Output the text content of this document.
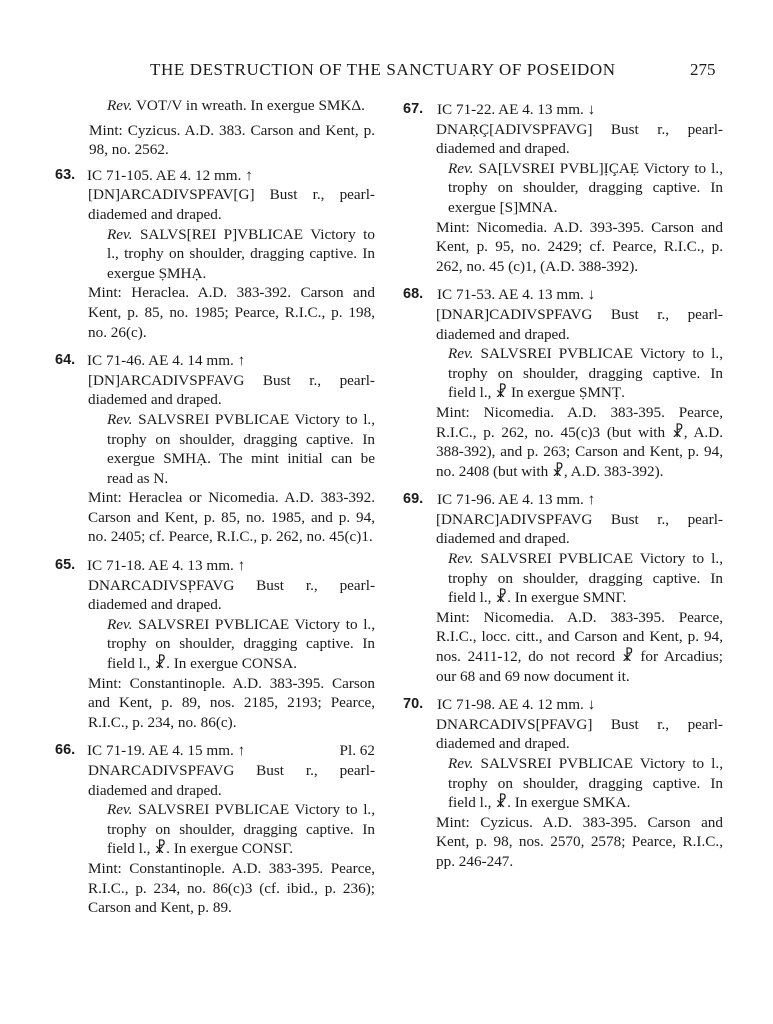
THE DESTRUCTION OF THE SANCTUARY OF POSEIDON	275
Rev. VOT/V in wreath. In exergue SMKΔ.
Mint: Cyzicus. A.D. 383. Carson and Kent, p. 98, no. 2562.
63. IC 71-105. AE 4. 12 mm. ↑
[DN]ARCADIVSPFAV[G] Bust r., pearl-diademed and draped.
Rev. SALVS[REI P]VBLICAE Victory to l., trophy on shoulder, dragging captive. In exergue ṢMHẠ.
Mint: Heraclea. A.D. 383-392. Carson and Kent, p. 85, no. 1985; Pearce, R.I.C., p. 198, no. 26(c).
64. IC 71-46. AE 4. 14 mm. ↑
[DN]ARCADIVSPFAVG Bust r., pearl-diademed and draped.
Rev. SALVSREI PVBLICAE Victory to l., trophy on shoulder, dragging captive. In exergue SMHẠ. The mint initial can be read as N.
Mint: Heraclea or Nicomedia. A.D. 383-392. Carson and Kent, p. 85, no. 1985, and p. 94, no. 2405; cf. Pearce, R.I.C., p. 262, no. 45(c)1.
65. IC 71-18. AE 4. 13 mm. ↑
DNARCADIVSP̣FAVG Bust r., pearl-diademed and draped.
Rev. SALVSREI PVBLICAE Victory to l., trophy on shoulder, dragging captive. In field l., ☧. In exergue CONSA.
Mint: Constantinople. A.D. 383-395. Carson and Kent, p. 89, nos. 2185, 2193; Pearce, R.I.C., p. 234, no. 86(c).
66. IC 71-19. AE 4. 15 mm. ↑	Pl. 62
DNARCADIVSPFAVG Bust r., pearl-diademed and draped.
Rev. SALVSREI PVBLICAE Victory to l., trophy on shoulder, dragging captive. In field l., ☧. In exergue CONSΓ.
Mint: Constantinople. A.D. 383-395. Pearce, R.I.C., p. 234, no. 86(c)3 (cf. ibid., p. 236); Carson and Kent, p. 89.
67. IC 71-22. AE 4. 13 mm. ↓
DNAṚÇ[ADIVSPFAVG] Bust r., pearl-diademed and draped.
Rev. SA[LVSREI PVBL]ỊÇAẸ Victory to l., trophy on shoulder, dragging captive. In exergue [S]MNA.
Mint: Nicomedia. A.D. 393-395. Carson and Kent, p. 95, no. 2429; cf. Pearce, R.I.C., p. 262, no. 45 (c)1, (A.D. 388-392).
68. IC 71-53. AE 4. 13 mm. ↓
[DNAR]CADIVSPFAVG Bust r., pearl-diademed and draped.
Rev. SALVSREI PVBLICAE Victory to l., trophy on shoulder, dragging captive. In field l., ☧ In exergue ṢMNṬ.
Mint: Nicomedia. A.D. 383-395. Pearce, R.I.C., p. 262, no. 45(c)3 (but with ☧, A.D. 388-392), and p. 263; Carson and Kent, p. 94, no. 2408 (but with ☧, A.D. 383-392).
69. IC 71-96. AE 4. 13 mm. ↑
[DNARC]ADIVSPFAVG Bust r., pearl-diademed and draped.
Rev. SALVSREI PVBLICAE Victory to l., trophy on shoulder, dragging captive. In field l., ☧. In exergue SMNΓ.
Mint: Nicomedia. A.D. 383-395. Pearce, R.I.C., locc. citt., and Carson and Kent, p. 94, nos. 2411-12, do not record ☧ for Arcadius; our 68 and 69 now document it.
70. IC 71-98. AE 4. 12 mm. ↓
DNARCADIVS[PFAVG] Bust r., pearl-diademed and draped.
Rev. SALVSREI PVBLICAE Victory to l., trophy on shoulder, dragging captive. In field l., ☧. In exergue SMKA.
Mint: Cyzicus. A.D. 383-395. Carson and Kent, p. 98, nos. 2570, 2578; Pearce, R.I.C., pp. 246-247.
